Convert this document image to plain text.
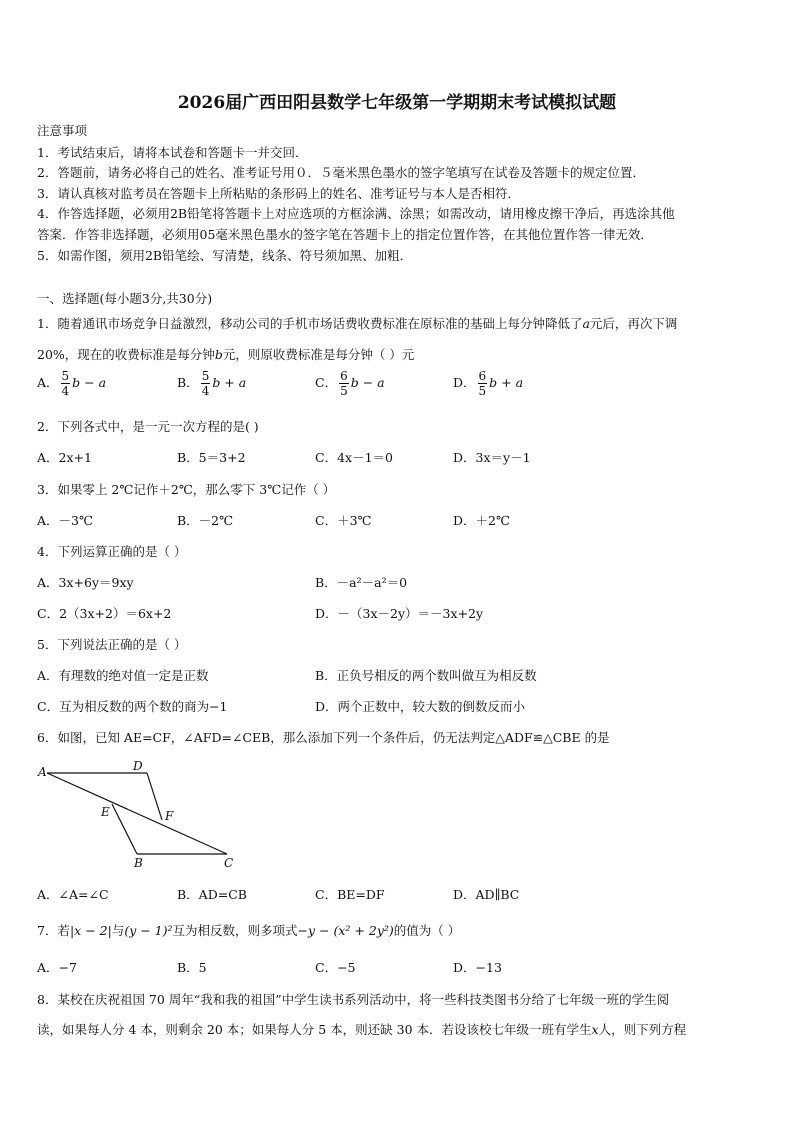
2026届广西田阳县数学七年级第一学期期末考试模拟试题
注意事项
1．考试结束后，请将本试卷和答题卡一并交回．
2．答题前，请务必将自己的姓名、准考证号用０．５毫米黑色墨水的签字笔填写在试卷及答题卡的规定位置．
3．请认真核对监考员在答题卡上所粘贴的条形码上的姓名、准考证号与本人是否相符．
4．作答选择题，必须用2B铅笔将答题卡上对应选项的方框涂满、涂黑；如需改动，请用橡皮擦干净后，再选涂其他
答案．作答非选择题，必须用05毫米黑色墨水的签字笔在答题卡上的指定位置作答，在其他位置作答一律无效．
5．如需作图，须用2B铅笔绘、写清楚，线条、符号须加黑、加粗．
一、选择题(每小题3分,共30分)
1．随着通讯市场竞争日益激烈，移动公司的手机市场话费收费标准在原标准的基础上每分钟降低了a元后，再次下调
20%，现在的收费标准是每分钟b元，则原收费标准是每分钟（ ）元
A． $\frac{5}{4}$ b − a	B． $\frac{5}{4}$ b + a	C． $\frac{6}{5}$ b − a	D． $\frac{6}{5}$ b + a
2．下列各式中，是一元一次方程的是( )
A．2x+1	B．5＝3+2	C．4x－1＝0	D．3x＝y－1
3．如果零上 2℃记作＋2℃，那么零下 3℃记作（ ）
A．－3℃	B．－2℃	C．＋3℃	D．＋2℃
4．下列运算正确的是（ ）
A．3x+6y＝9xy	B．－a²－a²＝0
C．2（3x+2）＝6x+2	D．－（3x－2y）＝－3x+2y
5．下列说法正确的是（ ）
A．有理数的绝对值一定是正数	B．正负号相反的两个数叫做互为相反数
C．互为相反数的两个数的商为−1	D．两个正数中，较大数的倒数反而小
6．如图，已知 AE=CF，∠AFD=∠CEB，那么添加下列一个条件后，仍无法判定△ADF≌△CBE 的是
A	D
E	F
B	C
A．∠A=∠C	B．AD=CB	C．BE=DF	D．AD∥BC
7．若|x − 2|与(y − 1)²互为相反数，则多项式−y − (x² + 2y²)的值为（ ）
A．−7	B．5	C．−5	D．−13
8．某校在庆祝祖国 70 周年“我和我的祖国”中学生读书系列活动中，将一些科技类图书分给了七年级一班的学生阅
读，如果每人分 4 本，则剩余 20 本；如果每人分 5 本，则还缺 30 本．若设该校七年级一班有学生x人，则下列方程
